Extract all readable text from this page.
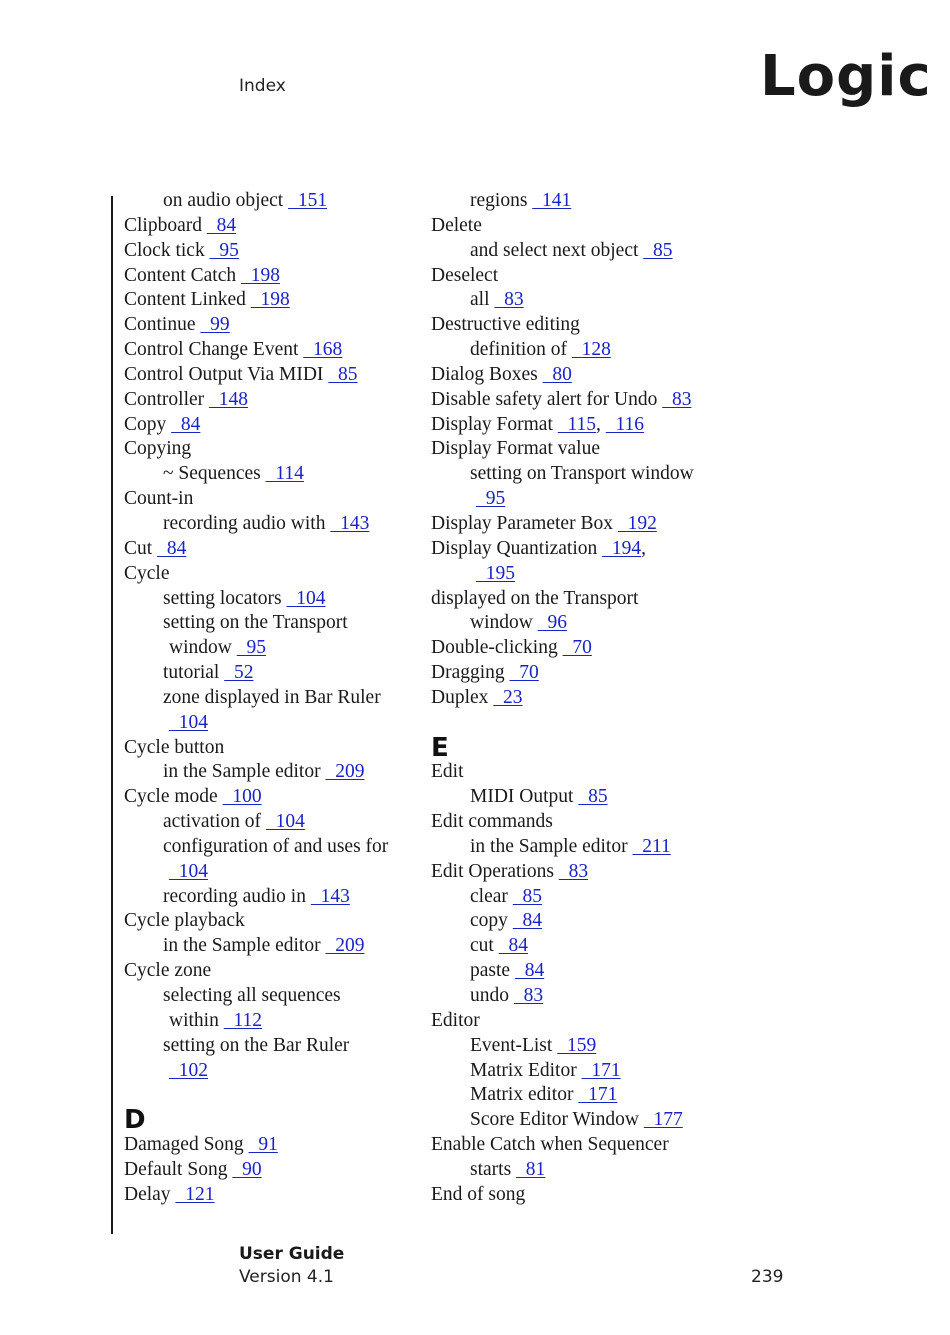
Index	Logic
on audio object   151
Clipboard   84
Clock tick   95
Content Catch   198
Content Linked   198
Continue   99
Control Change Event   168
Control Output Via MIDI   85
Controller   148
Copy   84
Copying
~ Sequences   114
Count-in
recording audio with   143
Cut   84
Cycle
setting locators   104
setting on the Transport
window   95
tutorial   52
zone displayed in Bar Ruler
104
Cycle button
in the Sample editor   209
Cycle mode   100
activation of   104
configuration of and uses for
104
recording audio in   143
Cycle playback
in the Sample editor   209
Cycle zone
selecting all sequences
within   112
setting on the Bar Ruler
102
D
Damaged Song   91
Default Song   90
Delay   121
regions   141
Delete
and select next object   85
Deselect
all   83
Destructive editing
definition of   128
Dialog Boxes   80
Disable safety alert for Undo   83
Display Format   115,   116
Display Format value
setting on Transport window
95
Display Parameter Box   192
Display Quantization   194,
195
displayed on the Transport
window   96
Double-clicking   70
Dragging   70
Duplex   23
E
Edit
MIDI Output   85
Edit commands
in the Sample editor   211
Edit Operations   83
clear   85
copy   84
cut   84
paste   84
undo   83
Editor
Event-List   159
Matrix Editor   171
Matrix editor   171
Score Editor Window   177
Enable Catch when Sequencer
starts   81
End of song
User Guide
Version 4.1	239
